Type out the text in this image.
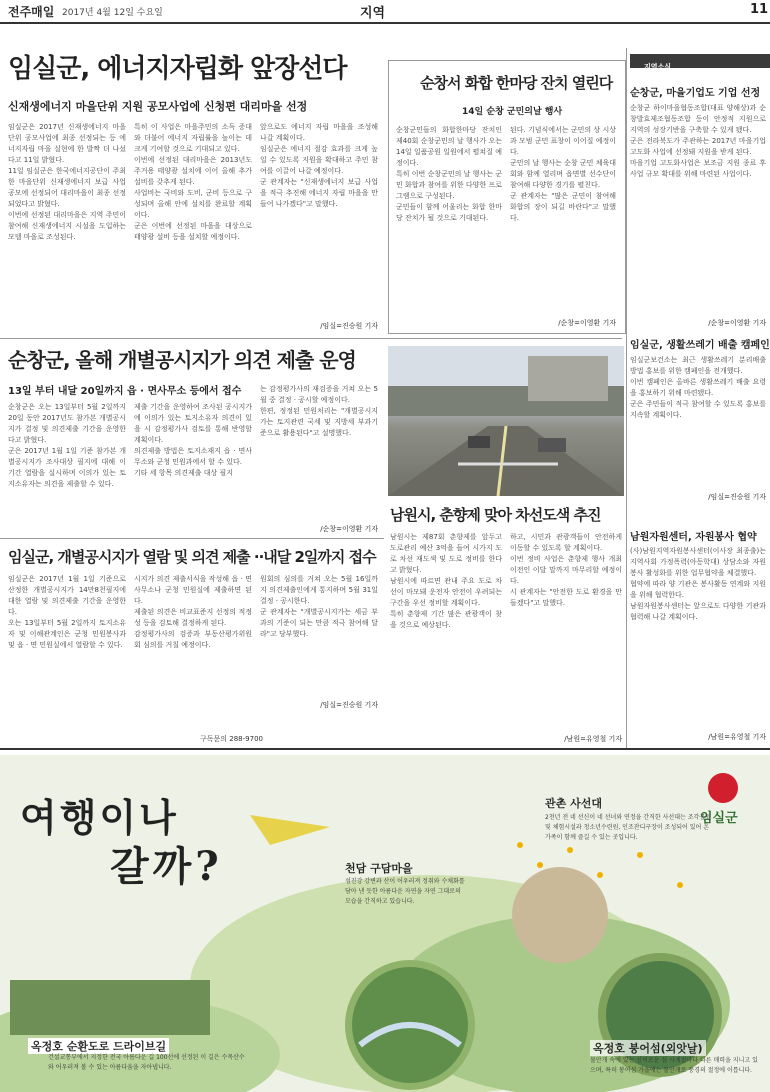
전주매일 2017년 4월 12일 수요일	지역	11
임실군, 에너지자립화 앞장선다
신재생에너지 마을단위 지원 공모사업에 신청편 대리마을 선정
임실군은 2017년 신재생에너지 마을단위 공모사업에 최종 선정되는 등 에너지자립 마을 실현에 한 발짝 더 나섰다고 11일 밝혔다.
11일 임실군은 한국에너지공단이 주최한 마을단위 신재생에너지 보급 사업 공모에 선정되어 대리마을이 최종 선정되었다고 밝혔다.
이번에 선정된 대리마을은 지역 주민이 참여해 신재생에너지 시설을 도입하는 모델 마을로 조성된다.
특히 이 사업은 마을주민의 소득 증대와 더불어 에너지 자립률을 높이는 데 크게 기여할 것으로 기대되고 있다.
이번에 선정된 대리마을은 2013년도 주거용 태양광 설치에 이어 올해 추가 설비를 갖추게 된다.
사업비는 국비와 도비, 군비 등으로 구성되며 올해 안에 설치를 완료할 계획이다.
군은 이번에 선정된 마을을 대상으로 태양광 설비 등을 설치할 예정이다.
앞으로도 에너지 자립 마을을 조성해 나갈 계획이다.
임실군은 에너지 절감 효과를 크게 높일 수 있도록 지원을 확대하고 주민 참여를 이끌어 나갈 예정이다.
군 관계자는 "신재생에너지 보급 사업을 적극 추진해 에너지 자립 마을을 만들어 나가겠다"고 말했다.
/임실=진승원 기자
순창서 화합 한마당 잔치 열린다
14일 순창 군민의날 행사
순창군민들의 화합한마당 잔치인 제40회 순창군민의 날 행사가 오는 14일 일품공원 일원에서 펼쳐질 예정이다.
특히 이번 순창군민의 날 행사는 군민 화합과 참여를 위한 다양한 프로그램으로 구성된다.
군민들이 함께 어울리는 화합 한마당 잔치가 될 것으로 기대된다.
된다. 기념식에서는 군민의 상 시상과 모범 군민 표창이 이어질 예정이다.
군민의 날 행사는 순창 군민 체육대회와 함께 열리며 읍면별 선수단이 참여해 다양한 경기를 펼친다.
군 관계자는 "많은 군민이 참여해 화합의 장이 되길 바란다"고 말했다.
/순창=이영환 기자
지역소식
순창군, 마을기업도 기업 선정
순창군 하이마을협동조합(대표 양해상)과 순창발효제조협동조합 등이 안정적 지원으로 지역의 성장기반을 구축할 수 있게 됐다.
군은 전라북도가 주관하는 2017년 마을기업 고도화 사업에 선정돼 지원을 받게 된다.
마을기업 고도화사업은 보조금 지원 종료 후 사업 규모 확대를 위해 마련된 사업이다.
/순창=이영환 기자
임실군, 생활쓰레기 배출 캠페인
임실군보건소는 최근 생활쓰레기 분리배출 방법 홍보를 위한 캠페인을 전개했다.
이번 캠페인은 올바른 생활쓰레기 배출 요령을 홍보하기 위해 마련됐다.
군은 주민들이 적극 참여할 수 있도록 홍보를 지속할 계획이다.
/임실=진승원 기자
남원자원센터, 자원봉사 협약
(사)남원지역자원봉사센터(이사장 최종출)는 지역사회 가정폭력(아동학대) 상담소와 자원봉사 활성화를 위한 업무협약을 체결했다.
협약에 따라 양 기관은 봉사활동 연계와 지원을 위해 협력한다.
남원자원봉사센터는 앞으로도 다양한 기관과 협력해 나갈 계획이다.
/남원=유영철 기자
순창군, 올해 개별공시지가 의견 제출 운영
13일 부터 내달 20일까지 읍 · 면사무소 등에서 접수
순창군은 오는 13일부터 5월 2일까지 20일 동안 2017년도 참가본 개별공시지가 결정 및 의견제출 기간을 운영한다고 밝혔다.
군은 2017년 1월 1일 기준 참가본 개별공시지가 조사대상 필지에 대해 이 기간 열람을 실시하며 이의가 있는 토지소유자는 의견을 제출할 수 있다.
제출 기간을 운영하여 조사된 공시지가에 이의가 있는 토지소유자 의견이 있을 시 감정평가사 검토를 통해 반영할 계획이다.
의견제출 방법은 토지소재지 읍 · 면사무소와 군청 민원과에서 할 수 있다.
기타 세 항목 의견제출 대상 필지
는 감정평가사의 재검증을 거쳐 오는 5월 중 결정 · 공시할 예정이다.
한편, 정정된 민원처리는 "개별공시지가는 토지관련 국세 및 지방세 부과기준으로 활용된다"고 설명했다.
/순창=이영환 기자
남원시, 춘향제 맞아 차선도색 추진
남원시는 제87회 춘향제를 앞두고 도로관리 예산 3억을 들여 시가지 도로 차선 재도색 및 도로 정비를 한다고 밝혔다.
남원시에 따르면 관내 주요 도로 차선이 마모돼 운전자 안전이 우려되는 구간을 우선 정비할 계획이다.
특히 춘향제 기간 많은 관광객이 찾을 것으로 예상된다.
하고, 시민과 관광객들이 안전하게 이동할 수 있도록 할 계획이다.
이번 정비 사업은 춘향제 행사 개최 이전인 이달 말까지 마무리할 예정이다.
시 관계자는 "안전한 도로 환경을 만들겠다"고 말했다.
/남원=유영철 기자
임실군, 개별공시지가 열람 및 의견 제출 ··내달 2일까지 접수
임실군은 2017년 1월 1일 기준으로 산정한 개별공시지가 14만8천필지에 대한 열람 및 의견제출 기간을 운영한다.
오는 13일부터 5월 2일까지 토지소유자 및 이해관계인은 군청 민원봉사과 및 읍 · 면 민원실에서 열람할 수 있다.
시지가 의견 제출서식을 작성해 읍 · 면사무소나 군청 민원실에 제출하면 된다.
제출된 의견은 비교표준지 선정의 적정성 등을 검토해 결정하게 된다.
감정평가사의 검증과 부동산평가위원회 심의를 거칠 예정이다.
원회의 심의를 거쳐 오는 5월 16일까지 의견제출인에게 통지하며 5월 31일 결정 · 공시한다.
군 관계자는 "개별공시지가는 세금 부과의 기준이 되는 만큼 적극 참여해 달라"고 당부했다.
/임실=진승원 기자
구독문의 288-9700
여행이나
갈까?
임실군
천담 구담마을
섬진강 강변과 산이 어우러져 정취와 수채화를 담아 낸 듯한 아름다운 자연을 자연 그대로의 모습을 간직하고 있습니다.
관촌 사선대
2천년 전 네 선신이 네 선녀와 연정을 간직한 사선대는 조각공원 및 체험시설과 청소년수련원, 인조잔디구장이 조성되어 있어 온 가족이 함께 즐길 수 있는 곳입니다.
옥정호 순환도로 드라이브길
건설교통부에서 지정한 전국 아름다운 길 100선에 선정된 이 길은 수목산수와 어우러져 볼 수 있는 아름다움을 자아냅니다.
옥정호 붕어섬(외앗날)
물안개 속에 있는 신비로운 섬 사계절마다 다른 매력을 지니고 있으며, 특히 붕어섬 가을에는 물안개로 풍경의 절정에 이릅니다.
